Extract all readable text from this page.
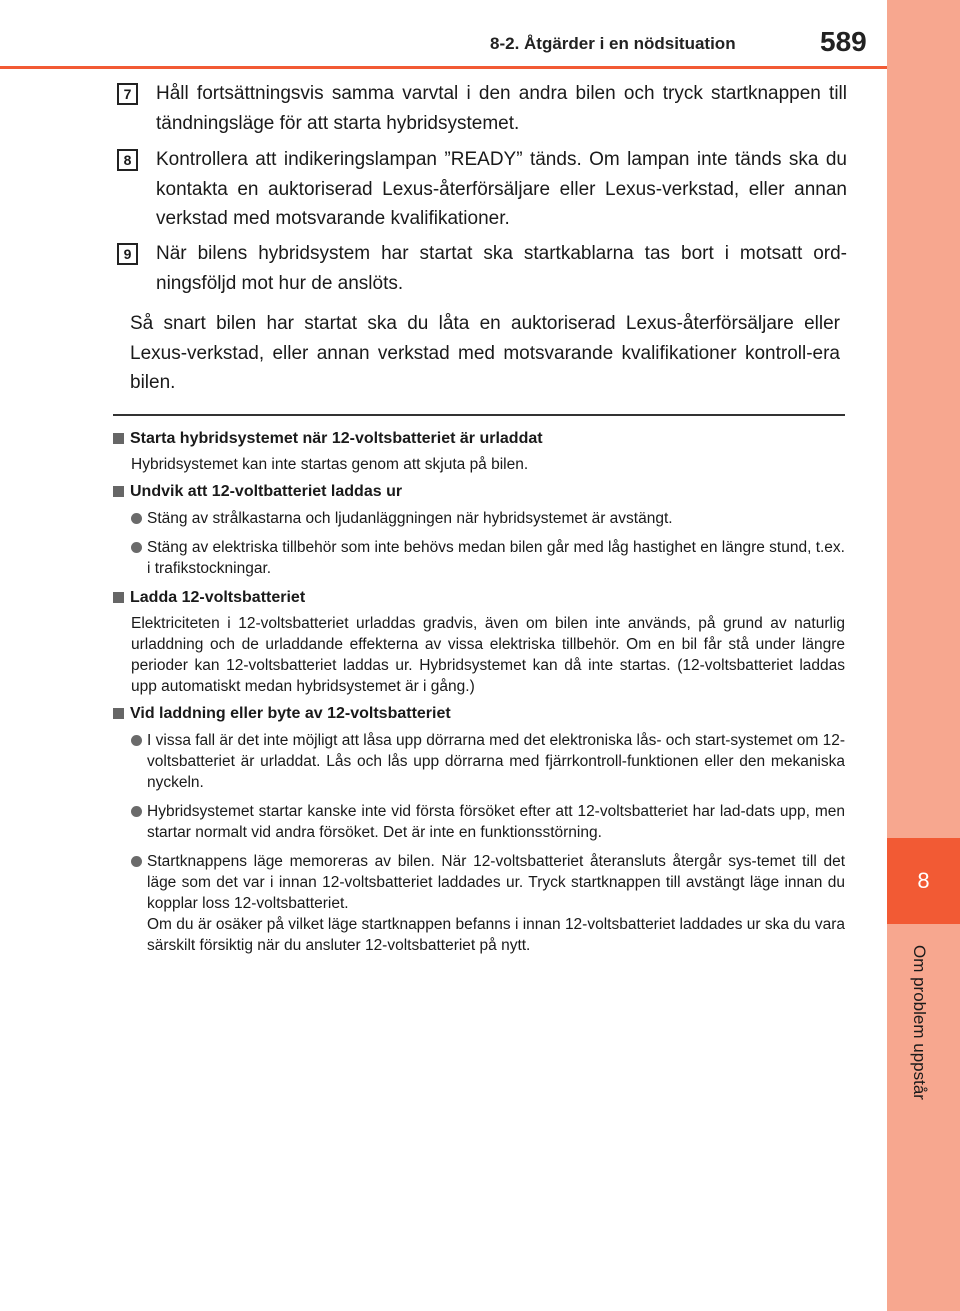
8
Om problem uppstår
8-2. Åtgärder i en nödsituation	589
7	Håll fortsättningsvis samma varvtal i den andra bilen och tryck startknappen till tändningsläge för att starta hybridsystemet.
8	Kontrollera att indikeringslampan ”READY” tänds. Om lampan inte tänds ska du kontakta en auktoriserad Lexus-återförsäljare eller Lexus-verkstad, eller annan verkstad med motsvarande kvalifikationer.
9	När bilens hybridsystem har startat ska startkablarna tas bort i motsatt ord-ningsföljd mot hur de anslöts.
Så snart bilen har startat ska du låta en auktoriserad Lexus-återförsäljare eller Lexus-verkstad, eller annan verkstad med motsvarande kvalifikationer kontroll-era bilen.
Starta hybridsystemet när 12-voltsbatteriet är urladdat
Hybridsystemet kan inte startas genom att skjuta på bilen.
Undvik att 12-voltbatteriet laddas ur
Stäng av strålkastarna och ljudanläggningen när hybridsystemet är avstängt.
Stäng av elektriska tillbehör som inte behövs medan bilen går med låg hastighet en längre stund, t.ex. i trafikstockningar.
Ladda 12-voltsbatteriet
Elektriciteten i 12-voltsbatteriet urladdas gradvis, även om bilen inte används, på grund av naturlig urladdning och de urladdande effekterna av vissa elektriska tillbehör. Om en bil får stå under längre perioder kan 12-voltsbatteriet laddas ur. Hybridsystemet kan då inte startas. (12-voltsbatteriet laddas upp automatiskt medan hybridsystemet är i gång.)
Vid laddning eller byte av 12-voltsbatteriet
I vissa fall är det inte möjligt att låsa upp dörrarna med det elektroniska lås- och start-systemet om 12-voltsbatteriet är urladdat. Lås och lås upp dörrarna med fjärrkontroll-funktionen eller den mekaniska nyckeln.
Hybridsystemet startar kanske inte vid första försöket efter att 12-voltsbatteriet har lad-dats upp, men startar normalt vid andra försöket. Det är inte en funktionsstörning.
Startknappens läge memoreras av bilen. När 12-voltsbatteriet återansluts återgår sys-temet till det läge som det var i innan 12-voltsbatteriet laddades ur. Tryck startknappen till avstängt läge innan du kopplar loss 12-voltsbatteriet.
Om du är osäker på vilket läge startknappen befanns i innan 12-voltsbatteriet laddades ur ska du vara särskilt försiktig när du ansluter 12-voltsbatteriet på nytt.
